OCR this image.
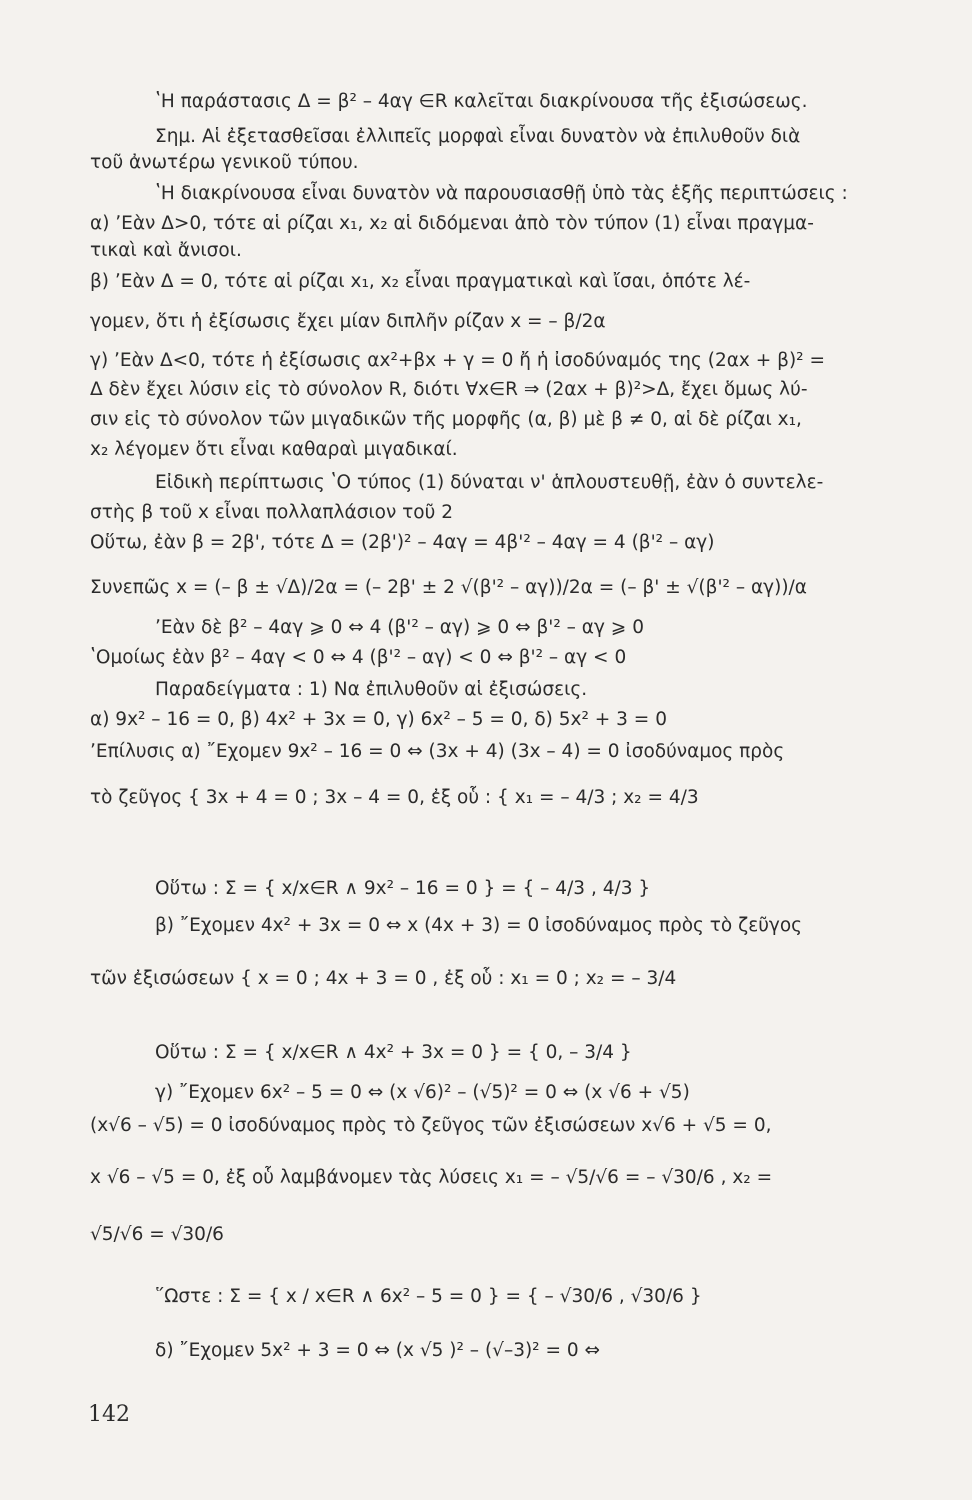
ʽΗ παράστασις Δ = β² – 4αγ ∈R καλεῖται διακρίνουσα τῆς ἐξισώσεως.
Σημ. Αἱ ἐξετασθεῖσαι ἐλλιπεῖς μορφαὶ εἶναι δυνατὸν νὰ ἐπιλυθοῦν διὰ
τοῦ ἀνωτέρω γενικοῦ τύπου.
ʽΗ διακρίνουσα εἶναι δυνατὸν νὰ παρουσιασθῇ ὑπὸ τὰς ἑξῆς περιπτώσεις :
α) ʼΕὰν Δ>0, τότε αἱ ρίζαι x₁, x₂ αἱ διδόμεναι ἀπὸ τὸν τύπον (1) εἶναι πραγμα-
τικαὶ καὶ ἄνισοι.
β) ʼΕὰν Δ = 0, τότε αἱ ρίζαι x₁, x₂ εἶναι πραγματικαὶ καὶ ἴσαι, ὁπότε λέ-
γομεν, ὅτι ἡ ἐξίσωσις ἔχει μίαν διπλῆν ρίζαν x = – β/2α
γ) ʼΕὰν Δ<0, τότε ἡ ἐξίσωσις αx²+βx + γ = 0 ἤ ἡ ἰσοδύναμός της (2αx + β)² =
Δ δὲν ἔχει λύσιν εἰς τὸ σύνολον R, διότι ∀x∈R ⇒ (2αx + β)²>Δ, ἔχει ὅμως λύ-
σιν εἰς τὸ σύνολον τῶν μιγαδικῶν τῆς μορφῆς (α, β) μὲ β ≠ 0, αἱ δὲ ρίζαι x₁,
x₂ λέγομεν ὅτι εἶναι καθαραὶ μιγαδικαί.
Εἰδικὴ περίπτωσις ʽΟ τύπος (1) δύναται ν' ἁπλουστευθῇ, ἐὰν ὁ συντελε-
στὴς β τοῦ x εἶναι πολλαπλάσιον τοῦ 2
Οὕτω, ἐὰν β = 2β', τότε Δ = (2β')² – 4αγ = 4β'² – 4αγ = 4 (β'² – αγ)
Συνεπῶς x = (– β ± √Δ)/2α = (– 2β' ± 2 √(β'² – αγ))/2α = (– β' ± √(β'² – αγ))/α
ʼΕὰν δὲ β² – 4αγ ⩾ 0 ⇔ 4 (β'² – αγ) ⩾ 0 ⇔ β'² – αγ ⩾ 0
ʽΟμοίως ἐὰν β² – 4αγ < 0 ⇔ 4 (β'² – αγ) < 0 ⇔ β'² – αγ < 0
Παραδείγματα : 1) Να ἐπιλυθοῦν αἱ ἐξισώσεις.
α) 9x² – 16 = 0, β) 4x² + 3x = 0, γ) 6x² – 5 = 0, δ) 5x² + 3 = 0
ʼΕπίλυσις α) ῎Εχομεν 9x² – 16 = 0 ⇔ (3x + 4) (3x – 4) = 0 ἰσοδύναμος πρὸς
τὸ ζεῦγος { 3x + 4 = 0 ; 3x – 4 = 0, ἐξ οὗ : { x₁ = – 4/3 ; x₂ = 4/3
Οὕτω : Σ = { x/x∈R ∧ 9x² – 16 = 0 } = { – 4/3 , 4/3 }
β) ῎Εχομεν 4x² + 3x = 0 ⇔ x (4x + 3) = 0 ἰσοδύναμος πρὸς τὸ ζεῦγος
τῶν ἐξισώσεων { x = 0 ; 4x + 3 = 0 , ἐξ οὗ : x₁ = 0 ; x₂ = – 3/4
Οὕτω : Σ = { x/x∈R ∧ 4x² + 3x = 0 } = { 0, – 3/4 }
γ) ῎Εχομεν 6x² – 5 = 0 ⇔ (x √6)² – (√5)² = 0 ⇔ (x √6 + √5)
(x√6 – √5) = 0 ἰσοδύναμος πρὸς τὸ ζεῦγος τῶν ἐξισώσεων x√6 + √5 = 0,
x √6 – √5 = 0, ἐξ οὗ λαμβάνομεν τὰς λύσεις x₁ = – √5/√6 = – √30/6 , x₂ =
√5/√6 = √30/6
῞Ωστε : Σ = { x / x∈R ∧ 6x² – 5 = 0 } = { – √30/6 , √30/6 }
δ) ῎Εχομεν 5x² + 3 = 0 ⇔ (x √5 )² – (√–3)² = 0 ⇔
142
